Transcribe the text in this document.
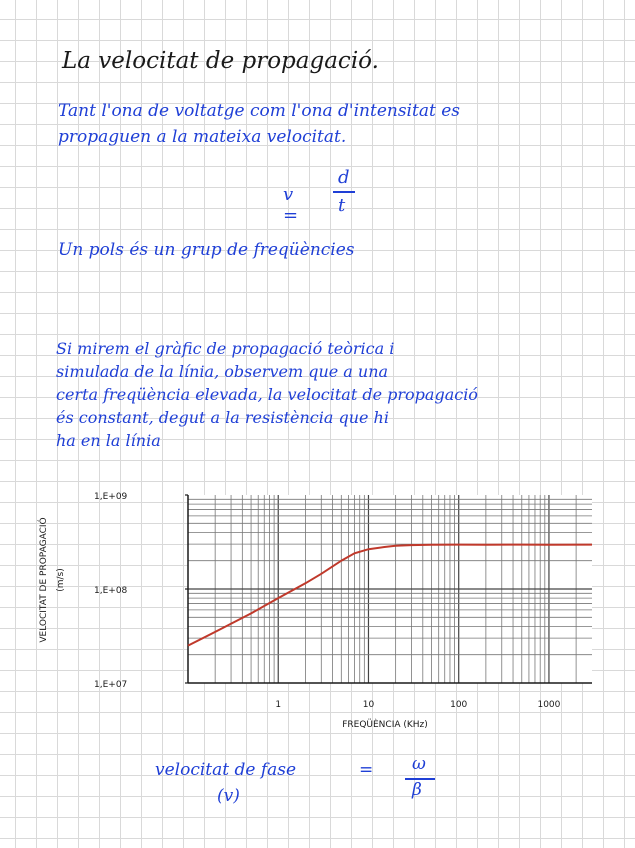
La velocitat de propagació.
Tant l'ona de voltatge com l'ona d'intensitat es
propaguen a la mateixa velocitat.
v =
d
t
Un pols és un grup de freqüències
Si mirem el gràfic de propagació teòrica i
simulada de la línia, observem que a una
certa freqüència elevada, la velocitat de propagació
és constant, degut a la resistència que hi
ha en la línia
1	10	100	1000
1,E+09
1,E+08
1,E+07
FREQÜÈNCIA (KHz)
VELOCITAT DE PROPAGACIÓ (m/s)
velocitat de fase
(v)
= ω
β
